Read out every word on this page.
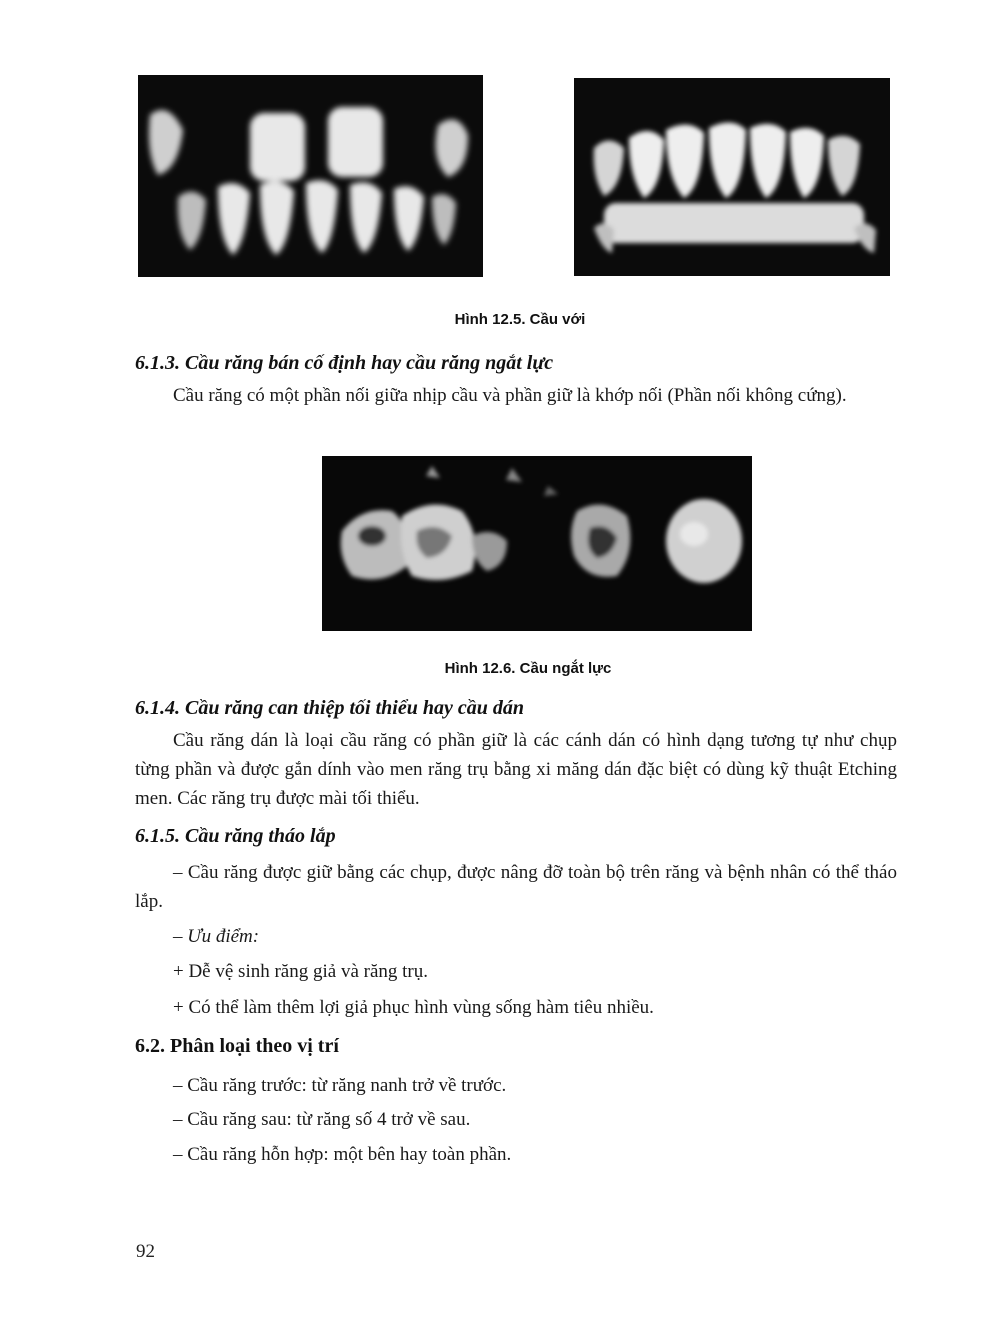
Hình 12.5. Cầu với
6.1.3. Cầu răng bán cố định hay cầu răng ngắt lực
Cầu răng có một phần nối giữa nhịp cầu và phần giữ là khớp nối (Phần nối không cứng).
Hình 12.6. Cầu ngắt lực
6.1.4. Cầu răng can thiệp tối thiểu hay cầu dán
Cầu răng dán là loại cầu răng có phần giữ là các cánh dán có hình dạng tương tự như chụp từng phần và được gắn dính vào men răng trụ bằng xi măng dán đặc biệt có dùng kỹ thuật Etching men. Các răng trụ được mài tối thiểu.
6.1.5. Cầu răng tháo lắp
– Cầu răng được giữ bằng các chụp, được nâng đỡ toàn bộ trên răng và bệnh nhân có thể tháo lắp.
– Ưu điểm:
+ Dễ vệ sinh răng giả và răng trụ.
+ Có thể làm thêm lợi giả phục hình vùng sống hàm tiêu nhiều.
6.2. Phân loại theo vị trí
– Cầu răng trước: từ răng nanh trở về trước.
– Cầu răng sau: từ răng số 4 trở về sau.
– Cầu răng hỗn hợp: một bên hay toàn phần.
92
